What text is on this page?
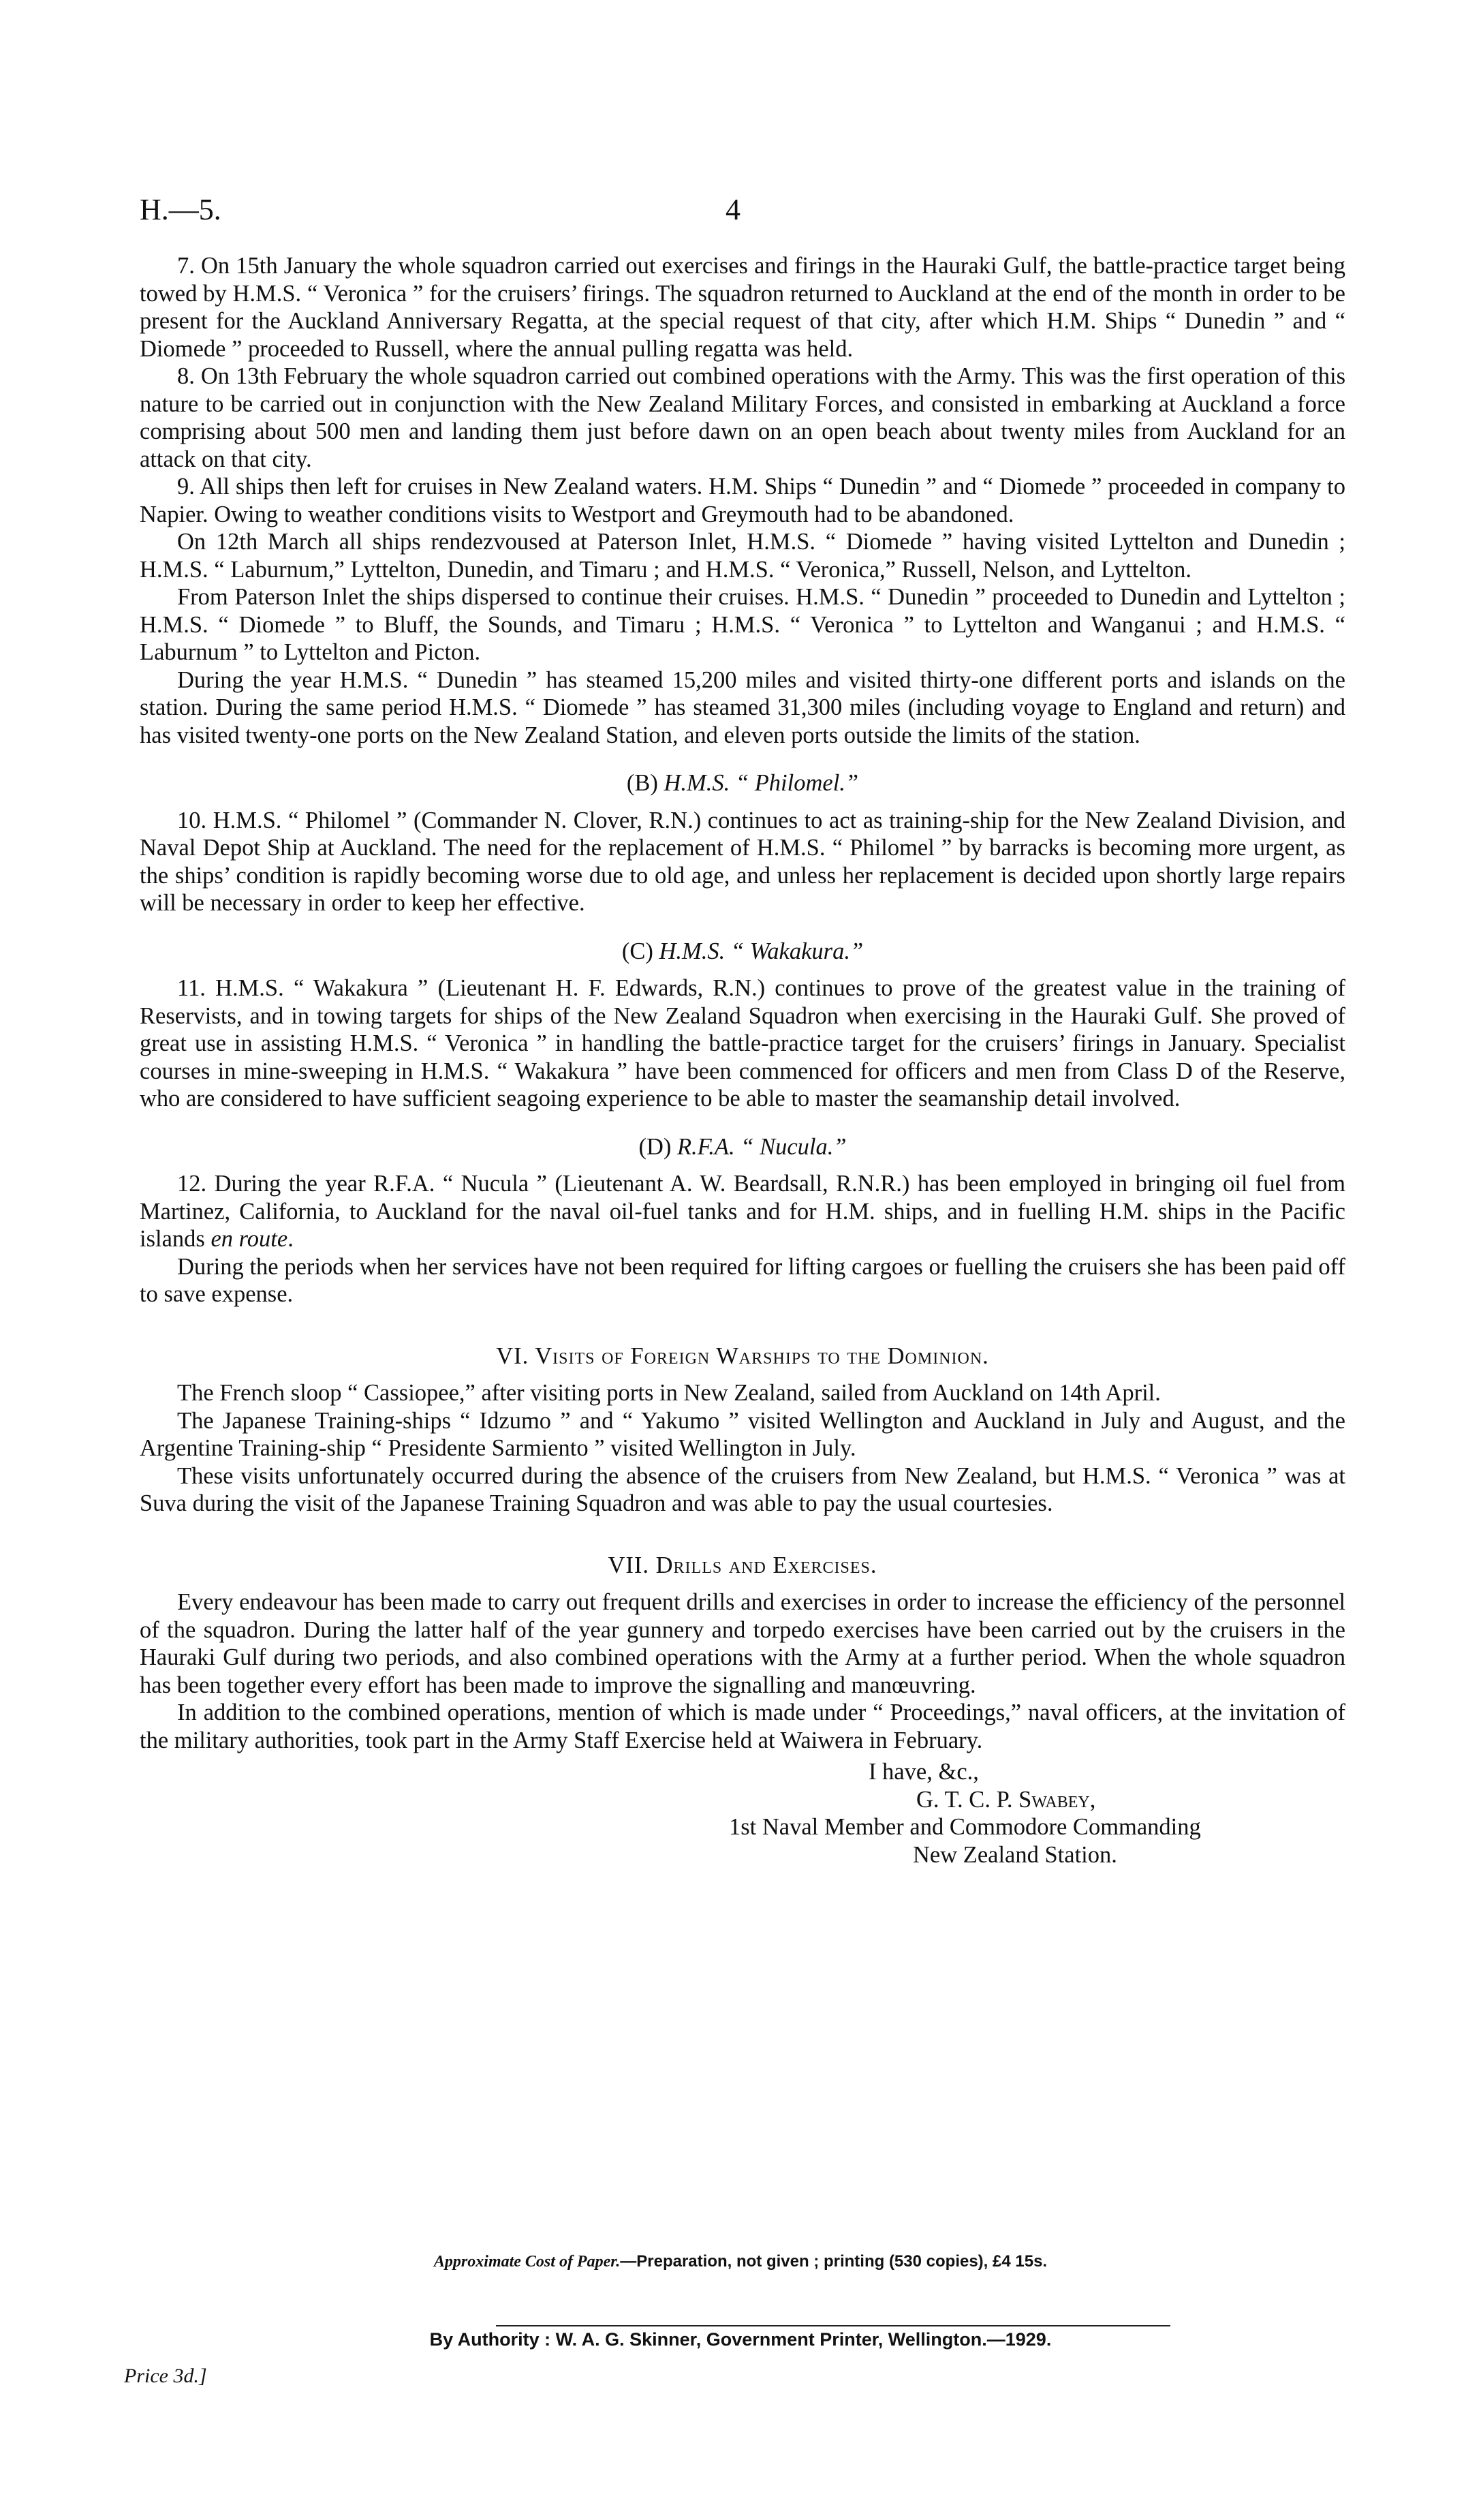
H.—5.	4

7. On 15th January the whole squadron carried out exercises and firings in the Hauraki Gulf, the battle-practice target being towed by H.M.S. “ Veronica ” for the cruisers’ firings. The squadron returned to Auckland at the end of the month in order to be present for the Auckland Anniversary Regatta, at the special request of that city, after which H.M. Ships “ Dunedin ” and “ Diomede ” proceeded to Russell, where the annual pulling regatta was held.

8. On 13th February the whole squadron carried out combined operations with the Army. This was the first operation of this nature to be carried out in conjunction with the New Zealand Military Forces, and consisted in embarking at Auckland a force comprising about 500 men and landing them just before dawn on an open beach about twenty miles from Auckland for an attack on that city.

9. All ships then left for cruises in New Zealand waters. H.M. Ships “ Dunedin ” and “ Diomede ” proceeded in company to Napier. Owing to weather conditions visits to Westport and Greymouth had to be abandoned.

On 12th March all ships rendezvoused at Paterson Inlet, H.M.S. “ Diomede ” having visited Lyttelton and Dunedin ; H.M.S. “ Laburnum,” Lyttelton, Dunedin, and Timaru ; and H.M.S. “ Veronica,” Russell, Nelson, and Lyttelton.

From Paterson Inlet the ships dispersed to continue their cruises. H.M.S. “ Dunedin ” proceeded to Dunedin and Lyttelton ; H.M.S. “ Diomede ” to Bluff, the Sounds, and Timaru ; H.M.S. “ Veronica ” to Lyttelton and Wanganui ; and H.M.S. “ Laburnum ” to Lyttelton and Picton.

During the year H.M.S. “ Dunedin ” has steamed 15,200 miles and visited thirty-one different ports and islands on the station. During the same period H.M.S. “ Diomede ” has steamed 31,300 miles (including voyage to England and return) and has visited twenty-one ports on the New Zealand Station, and eleven ports outside the limits of the station.

(B) H.M.S. “ Philomel.”

10. H.M.S. “ Philomel ” (Commander N. Clover, R.N.) continues to act as training-ship for the New Zealand Division, and Naval Depot Ship at Auckland. The need for the replacement of H.M.S. “ Philomel ” by barracks is becoming more urgent, as the ships’ condition is rapidly becoming worse due to old age, and unless her replacement is decided upon shortly large repairs will be necessary in order to keep her effective.

(C) H.M.S. “ Wakakura.”

11. H.M.S. “ Wakakura ” (Lieutenant H. F. Edwards, R.N.) continues to prove of the greatest value in the training of Reservists, and in towing targets for ships of the New Zealand Squadron when exercising in the Hauraki Gulf. She proved of great use in assisting H.M.S. “ Veronica ” in handling the battle-practice target for the cruisers’ firings in January. Specialist courses in mine-sweeping in H.M.S. “ Wakakura ” have been commenced for officers and men from Class D of the Reserve, who are considered to have sufficient seagoing experience to be able to master the seamanship detail involved.

(D) R.F.A. “ Nucula.”

12. During the year R.F.A. “ Nucula ” (Lieutenant A. W. Beardsall, R.N.R.) has been employed in bringing oil fuel from Martinez, California, to Auckland for the naval oil-fuel tanks and for H.M. ships, and in fuelling H.M. ships in the Pacific islands en route.

During the periods when her services have not been required for lifting cargoes or fuelling the cruisers she has been paid off to save expense.

VI. Visits of Foreign Warships to the Dominion.

The French sloop “ Cassiopee,” after visiting ports in New Zealand, sailed from Auckland on 14th April.

The Japanese Training-ships “ Idzumo ” and “ Yakumo ” visited Wellington and Auckland in July and August, and the Argentine Training-ship “ Presidente Sarmiento ” visited Wellington in July.

These visits unfortunately occurred during the absence of the cruisers from New Zealand, but H.M.S. “ Veronica ” was at Suva during the visit of the Japanese Training Squadron and was able to pay the usual courtesies.

VII. Drills and Exercises.

Every endeavour has been made to carry out frequent drills and exercises in order to increase the efficiency of the personnel of the squadron. During the latter half of the year gunnery and torpedo exercises have been carried out by the cruisers in the Hauraki Gulf during two periods, and also combined operations with the Army at a further period. When the whole squadron has been together every effort has been made to improve the signalling and manœuvring.

In addition to the combined operations, mention of which is made under “ Proceedings,” naval officers, at the invitation of the military authorities, took part in the Army Staff Exercise held at Waiwera in February.

I have, &c.,
G. T. C. P. Swabey,
1st Naval Member and Commodore Commanding
New Zealand Station.
Approximate Cost of Paper.—Preparation, not given ; printing (530 copies), £4 15s.
By Authority : W. A. G. Skinner, Government Printer, Wellington.—1929.
Price 3d.]
